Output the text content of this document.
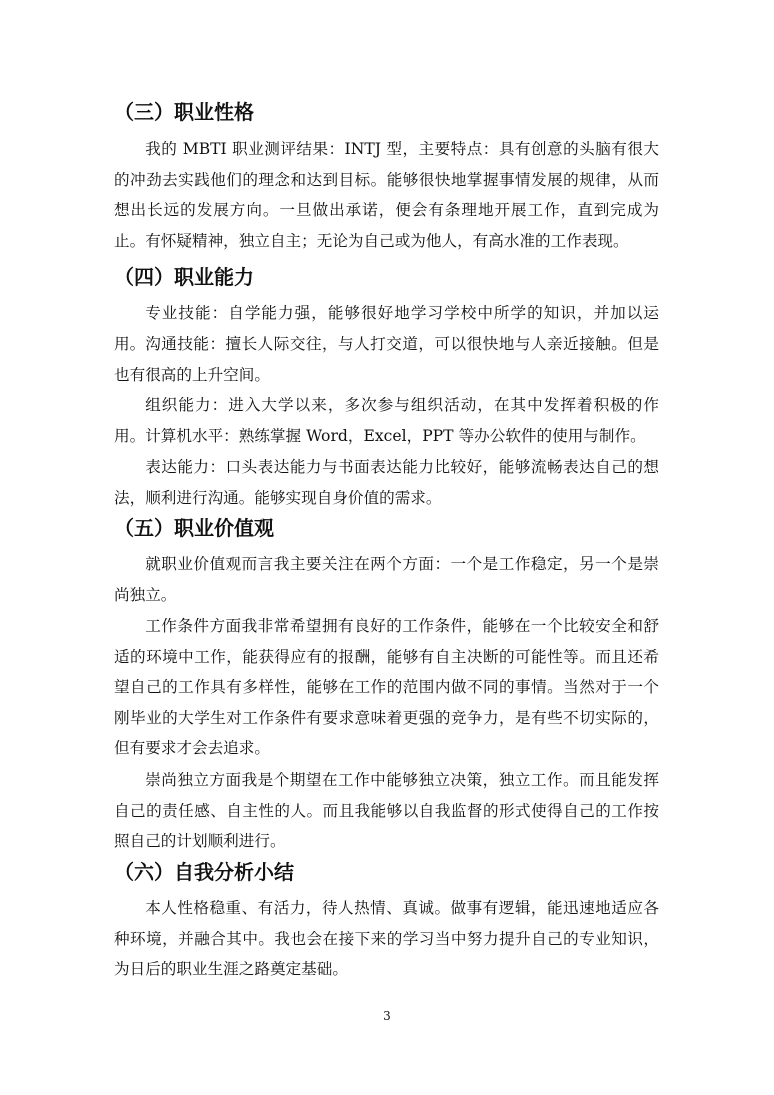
（三）职业性格

我的 MBTI 职业测评结果：INTJ 型，主要特点：具有创意的头脑有很大的冲劲去实践他们的理念和达到目标。能够很快地掌握事情发展的规律，从而想出长远的发展方向。一旦做出承诺，便会有条理地开展工作，直到完成为止。有怀疑精神，独立自主；无论为自己或为他人，有高水准的工作表现。

（四）职业能力

专业技能：自学能力强，能够很好地学习学校中所学的知识，并加以运用。 沟通技能：擅长人际交往，与人打交道，可以很快地与人亲近接触。但是也有很高的上升空间。

组织能力：进入大学以来，多次参与组织活动，在其中发挥着积极的作用。 计算机水平：熟练掌握 Word，Excel，PPT 等办公软件的使用与制作。

表达能力：口头表达能力与书面表达能力比较好，能够流畅表达自己的想法，顺利进行沟通。能够实现自身价值的需求。

（五）职业价值观

就职业价值观而言我主要关注在两个方面：一个是工作稳定，另一个是崇尚独立。

工作条件方面我非常希望拥有良好的工作条件，能够在一个比较安全和舒适的环境中工作，能获得应有的报酬，能够有自主决断的可能性等。而且还希望自己的工作具有多样性，能够在工作的范围内做不同的事情。当然对于一个刚毕业的大学生对工作条件有要求意味着更强的竞争力，是有些不切实际的，但有要求才会去追求。

崇尚独立方面我是个期望在工作中能够独立决策，独立工作。而且能发挥自己的责任感、自主性的人。而且我能够以自我监督的形式使得自己的工作按照自己的计划顺利进行。

（六）自我分析小结

本人性格稳重、有活力，待人热情、真诚。做事有逻辑，能迅速地适应各种环境，并融合其中。我也会在接下来的学习当中努力提升自己的专业知识，为日后的职业生涯之路奠定基础。

3
